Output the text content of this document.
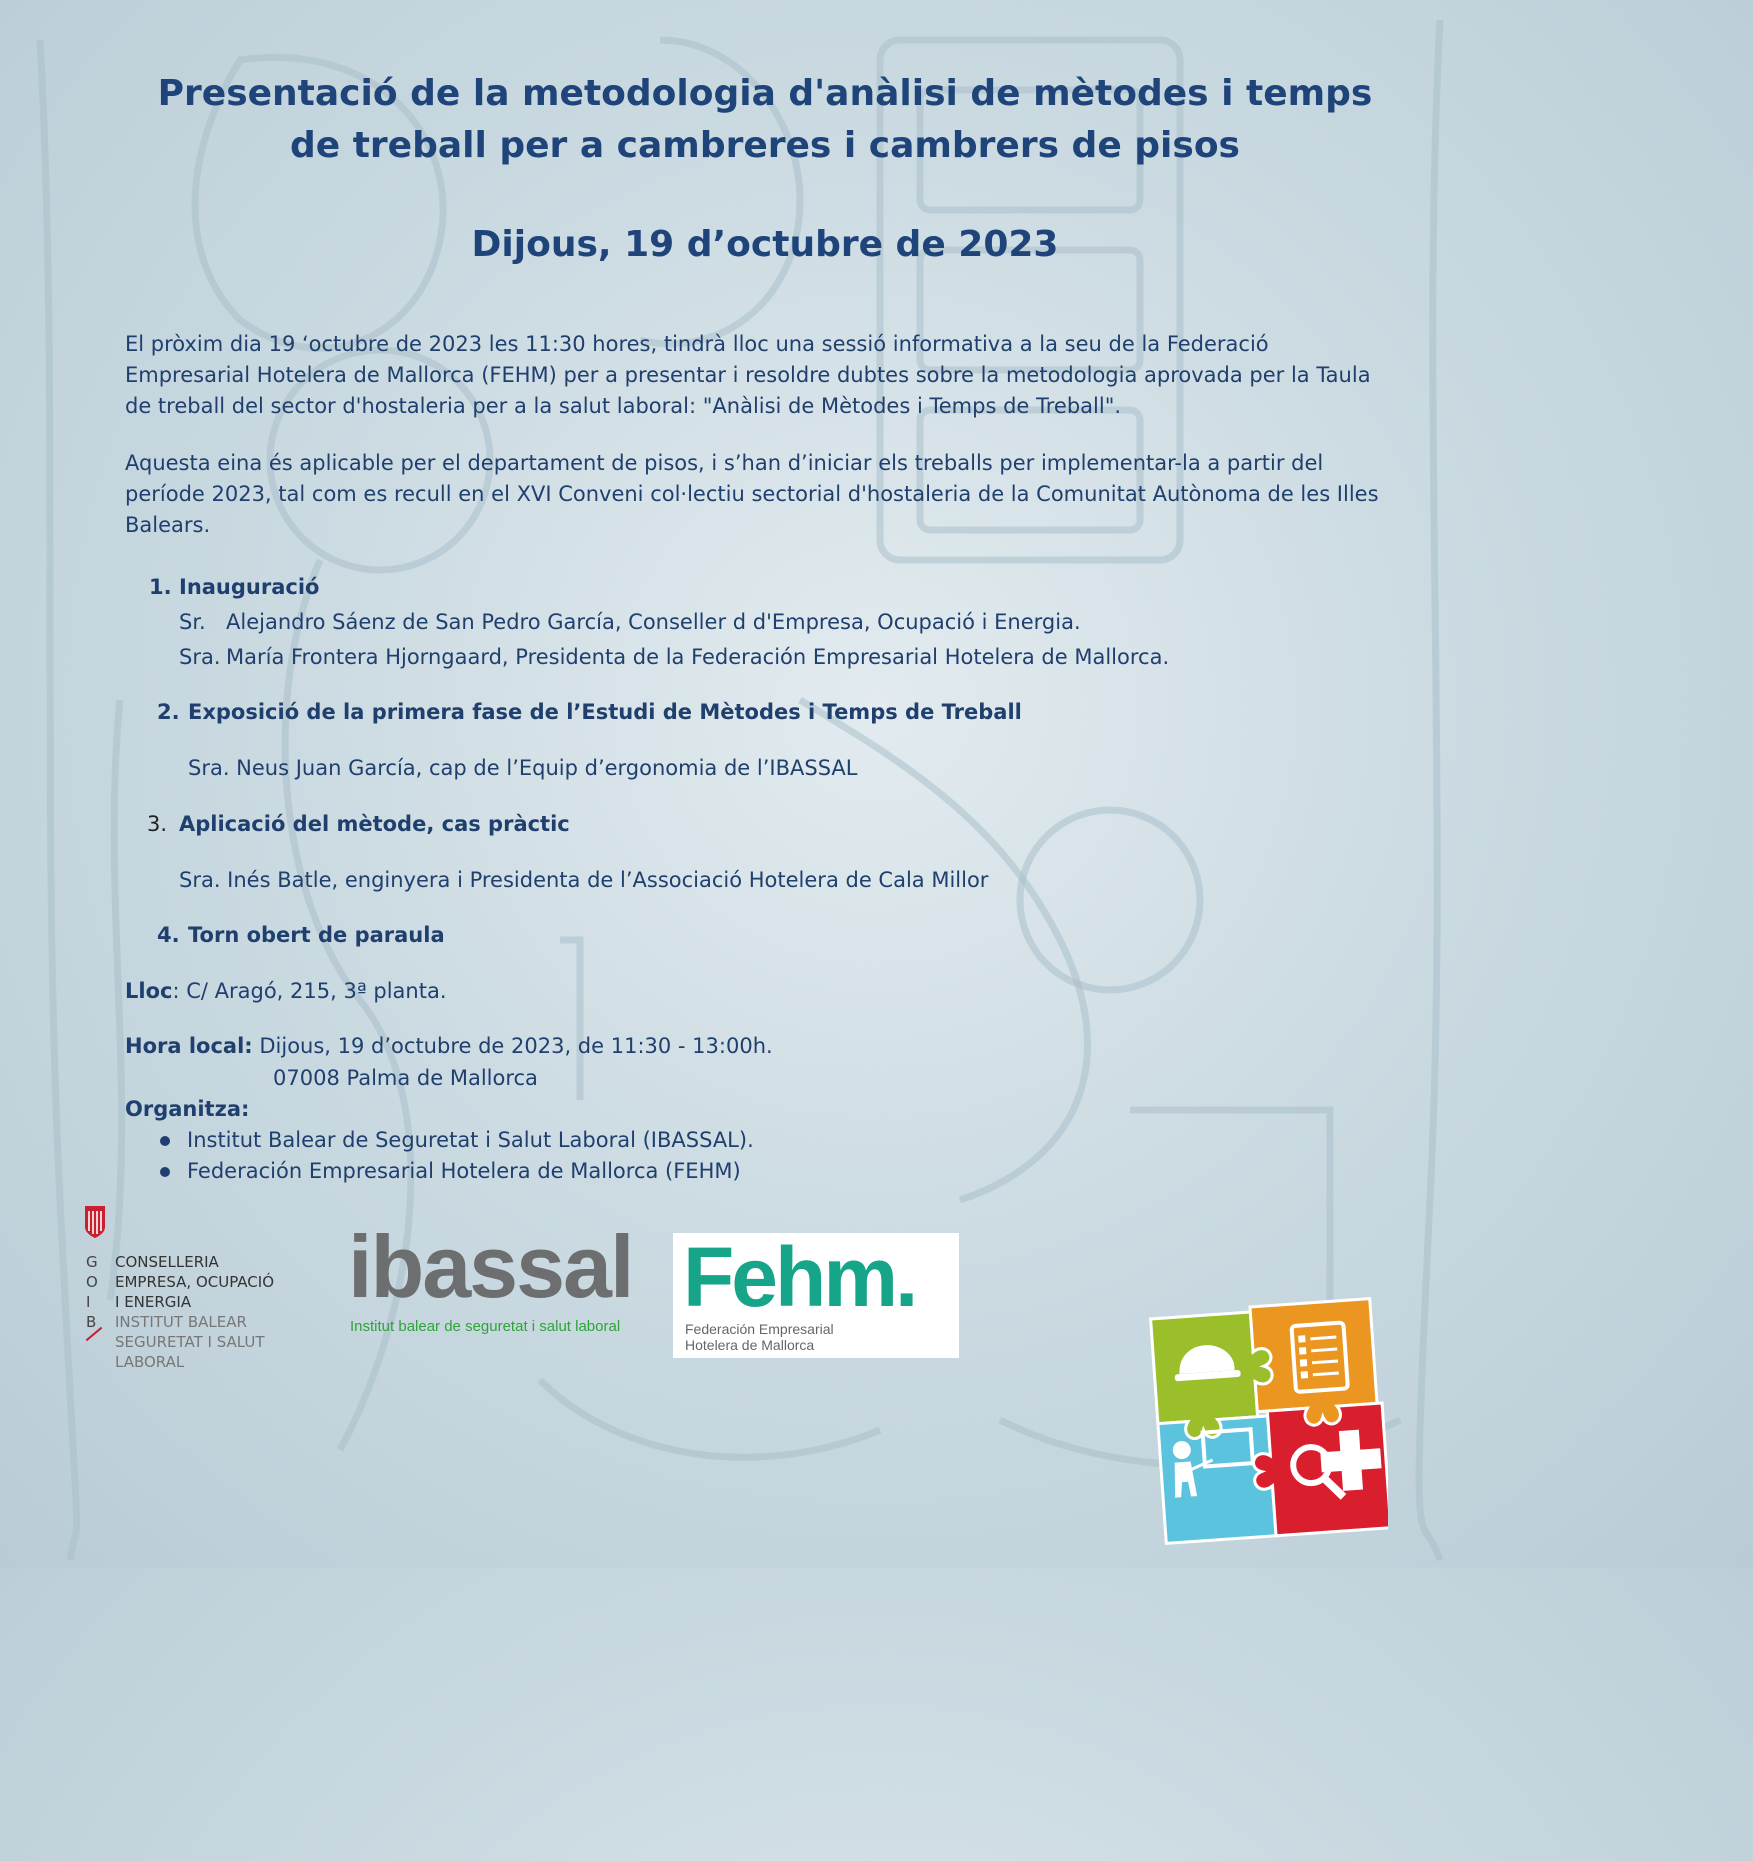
Presentació de la metodologia d'anàlisi de mètodes i temps de treball per a cambreres i cambrers de pisos
Dijous, 19 d’octubre de 2023

El pròxim dia 19 ‘octubre de 2023 les 11:30 hores, tindrà lloc una sessió informativa a la seu de la Federació Empresarial Hotelera de Mallorca (FEHM) per a presentar i resoldre dubtes sobre la metodologia aprovada per la Taula de treball del sector d'hostaleria per a la salut laboral: "Anàlisi de Mètodes i Temps de Treball".

Aquesta eina és aplicable per el departament de pisos, i s’han d’iniciar els treballs per implementar-la a partir del període 2023, tal com es recull en el XVI Conveni col·lectiu sectorial d'hostaleria de la Comunitat Autònoma de les Illes Balears.

1. Inauguració
Sr. Alejandro Sáenz de San Pedro García, Conseller d d'Empresa, Ocupació i Energia.
Sra. María Frontera Hjorngaard, Presidenta de la Federación Empresarial Hotelera de Mallorca.
2. Exposició de la primera fase de l’Estudi de Mètodes i Temps de Treball
Sra. Neus Juan García, cap de l’Equip d’ergonomia de l’IBASSAL
3. Aplicació del mètode, cas pràctic
Sra. Inés Batle, enginyera i Presidenta de l’Associació Hotelera de Cala Millor
4. Torn obert de paraula
Lloc: C/ Aragó, 215, 3ª planta.
Hora local: Dijous, 19 d’octubre de 2023, de 11:30 - 13:00h.
07008 Palma de Mallorca
Organitza:
Institut Balear de Seguretat i Salut Laboral (IBASSAL).
Federación Empresarial Hotelera de Mallorca (FEHM)
G
O
I
B
CONSELLERIA
EMPRESA, OCUPACIÓ
I ENERGIA
INSTITUT BALEAR
SEGURETAT I SALUT
LABORAL
ibassal
Institut balear de seguretat i salut laboral
Fehm.
Federación Empresarial
Hotelera de Mallorca
